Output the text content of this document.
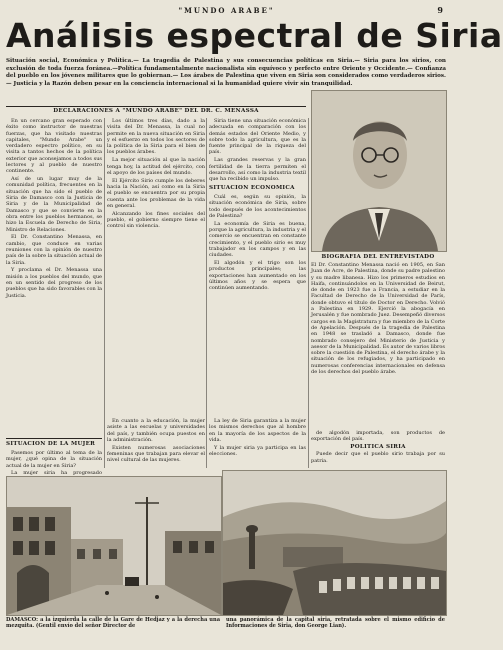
"MUNDO ARABE"	9
Análisis espectral de Siria
Situación social, Económica y Política.— La tragedia de Palestina y sus consecuencias políticas en Siria.— Siria para los sirios, con exclusión de toda fuerza foránea.—Política fundamentalmente nacionalista sin equívoco y perfecto entre Oriente y Occidente.— Confianza del pueblo en los jóvenes militares que lo gobiernan.— Los árabes de Palestina que viven en Siria son considerados como verdaderos sirios.— Justicia y la Razón deben pesar en la conciencia internacional si la humanidad quiere vivir sin tranquilidad.
DECLARACIONES A "MUNDO ARABE" DEL DR. C. MENASSA

En un cercano gran esperado con éxito como instructor de nuestras fuerzas, que ha visitado nuestras capitales, "Mundo Arabe" un verdadero espectro político, en su visita a tantos hechos de la política exterior que aconsejamos a todos sus lectores y al pueblo de nuestro continente.

Así de un lugar muy de la comunidad política, frecuentes en la situación que ha sido el pueblo de Siria de Damasco con la Justicia de Siria y de la Municipalidad de Damasco y que se convierte en la obra entre los pueblos hermanos, se hizo la Escuela de Derecho de Siria, Ministro de Relaciones.

El Dr. Constantino Menassa, en cambio, que conduce en varias reuniones con la opinión de nuestro país de la sobre la situación actual de la Siria.

Y proclama el Dr. Menassa una misión a los pueblos del mundo, que en un sentido del progreso de los pueblos que ha sido favorables con la Justicia.

Los últimos tres días, dado a la visita del Dr. Menassa, la cual no permite en la nueva situación en Siria y el esfuerzo en todos los sectores de la política de la Siria para el bien de los pueblos árabes.

La mejor situación al que la nación tenga hoy, la actitud del ejército, con el apoyo de los países del mundo.

El Ejército Sirio cumple los deberes hacia la Nación, así como en la Siria el pueblo se encuentra por su propia cuenta ante los problemas de la vida en general.

Alcanzando los fines sociales del pueblo, el gobierno siempre tiene el control sin violencia.

Siria tiene una situación económica adecuada en comparación con los demás estados del Oriente Medio, y sobre todo la agricultura, que es la fuente principal de la riqueza del país.

Las grandes reservas y la gran fertilidad de la tierra permiten el desarrollo, así como la industria textil que ha recibido un impulso.

SITUACION ECONOMICA

Cuál es, según su opinión, la situación económica de Siria, sobre todo después de los acontecimientos de Palestina?

La economía de Siria es buena, porque la agricultura, la industria y el comercio se encuentran en constante crecimiento, y el pueblo sirio es muy trabajador en los campos y en las ciudades.

El algodón y el trigo son los productos principales; las exportaciones han aumentado en los últimos años y se espera que continúen aumentando.

BIOGRAFIA DEL ENTREVISTADO
El Dr. Constantino Menassa nació en 1905, en San Juan de Acre, de Palestina, donde su padre palestino y su madre libanesa. Hizo los primeros estudios en Haifa, continuándolos en la Universidad de Beirut, de donde en 1923 fue a Francia, a estudiar en la Facultad de Derecho de la Universidad de París, donde obtuvo el título de Doctor en Derecho. Volvió a Palestina en 1929. Ejerció la abogacía en Jerusalén y fue nombrado Juez. Desempeñó diversos cargos en la Magistratura y fue miembro de la Corte de Apelación. Después de la tragedia de Palestina en 1948 se trasladó a Damasco, donde fue nombrado consejero del Ministerio de Justicia y asesor de la Municipalidad. Es autor de varios libros sobre la cuestión de Palestina, el derecho árabe y la situación de los refugiados, y ha participado en numerosas conferencias internacionales en defensa de los derechos del pueblo árabe.
SITUACION DE LA MUJER

Pasemos por último al tema de la mujer, ¿qué opina de la situación actual de la mujer en Siria?

La mujer siria ha progresado

En cuanto a la educación, la mujer asiste a las escuelas y universidades del país, y también ocupa puestos en la administración.

Existen numerosas asociaciones femeninas que trabajan para elevar el nivel cultural de las mujeres.

La ley de Siria garantiza a la mujer los mismos derechos que al hombre en la mayoría de los aspectos de la vida.

Y la mujer siria ya participa en las elecciones.

de algodón importada, son productos de exportación del país.

POLITICA SIRIA

Puede decir que el pueblo sirio trabaja por su patria.

DAMASCO: a la izquierda la calle de la Gare de Hedjaz y a la derecha una mezquita. (Gentil envío del señor Director de
una panorámica de la capital siria, retratada sobre el mismo edificio de Informaciones de Siria, don George Lian).
